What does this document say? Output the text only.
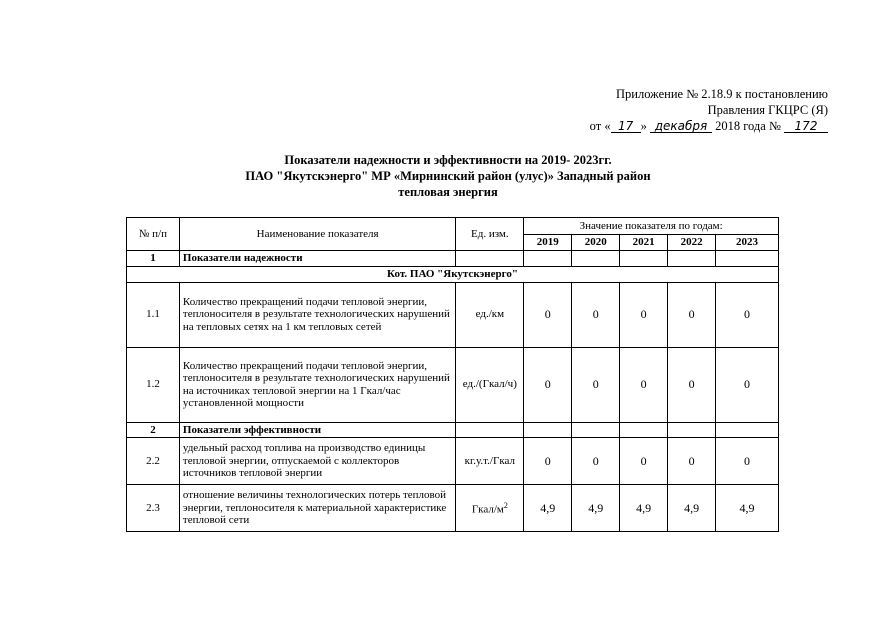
Приложение № 2.18.9 к постановлению
Правления ГКЦРС (Я)
от « 17 » декабря 2018 года № 172
Показатели надежности и эффективности на 2019- 2023гг.
ПАО "Якутскэнерго" МР «Мирнинский район (улус)» Западный район
тепловая энергия
№ п/п	Наименование показателя	Ед. изм.	Значение показателя по годам:				
			2019	2020	2021	2022	2023
1	Показатели надежности						
Кот. ПАО "Якутскэнерго"							
1.1	Количество прекращений подачи тепловой энергии, теплоносителя в результате технологических нарушений на тепловых сетях на 1 км тепловых сетей	ед./км	0	0	0	0	0
1.2	Количество прекращений подачи тепловой энергии, теплоносителя в результате технологических нарушений на источниках тепловой энергии на 1 Гкал/час установленной мощности	ед./(Гкал/ч)	0	0	0	0	0
2	Показатели эффективности						
2.2	удельный расход топлива на производство единицы тепловой энергии, отпускаемой с коллекторов источников тепловой энергии	кг.у.т./Гкал	0	0	0	0	0
2.3	отношение величины технологических потерь тепловой энергии, теплоносителя к материальной характеристике тепловой сети	Гкал/$м^2$	4,9	4,9	4,9	4,9	4,9
